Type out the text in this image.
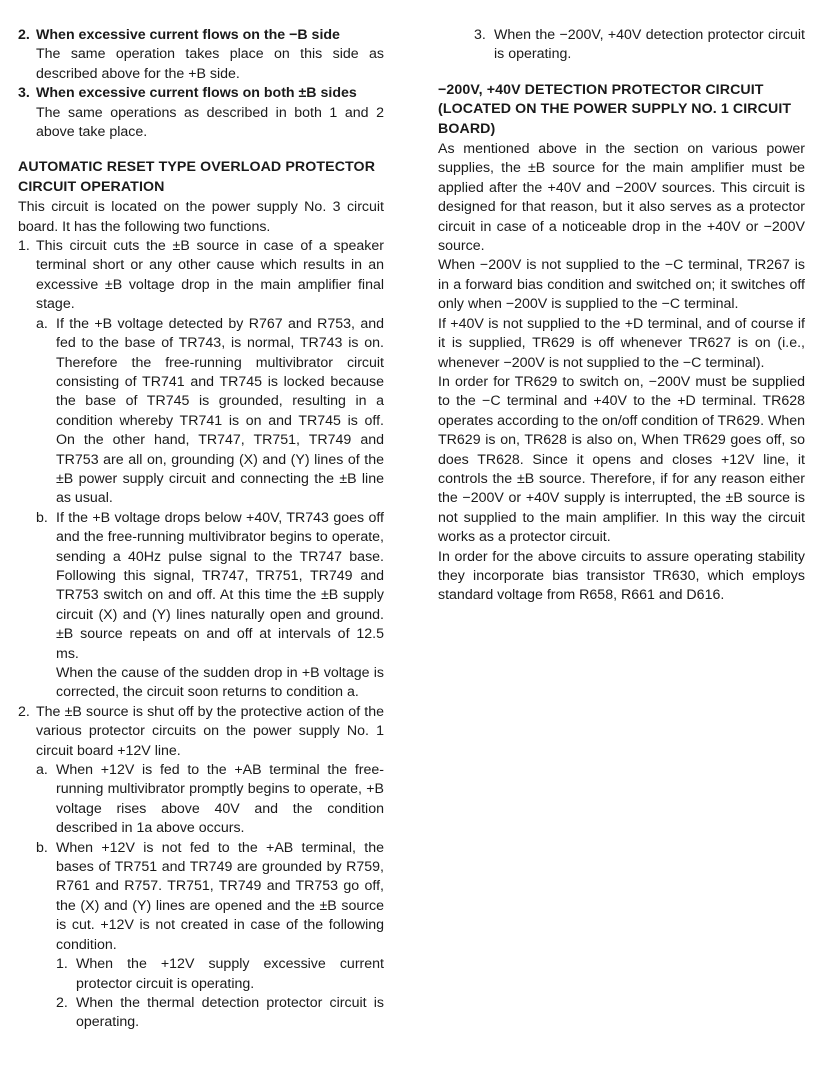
2. When excessive current flows on the −B side

The same operation takes place on this side as described above for the +B side.

3. When excessive current flows on both ±B sides

The same operations as described in both 1 and 2 above take place.

AUTOMATIC RESET TYPE OVERLOAD PROTECTOR CIRCUIT OPERATION

This circuit is located on the power supply No. 3 circuit board. It has the following two functions.

1. This circuit cuts the ±B source in case of a speaker terminal short or any other cause which results in an excessive ±B voltage drop in the main amplifier final stage.
a. If the +B voltage detected by R767 and R753, and fed to the base of TR743, is normal, TR743 is on. Therefore the free-running multivibrator circuit consisting of TR741 and TR745 is locked because the base of TR745 is grounded, resulting in a condition whereby TR741 is on and TR745 is off. On the other hand, TR747, TR751, TR749 and TR753 are all on, grounding (X) and (Y) lines of the ±B power supply circuit and connecting the ±B line as usual.
b. If the +B voltage drops below +40V, TR743 goes off and the free-running multivibrator begins to operate, sending a 40Hz pulse signal to the TR747 base. Following this signal, TR747, TR751, TR749 and TR753 switch on and off. At this time the ±B supply circuit (X) and (Y) lines naturally open and ground. ±B source repeats on and off at intervals of 12.5 ms.

When the cause of the sudden drop in +B voltage is corrected, the circuit soon returns to condition a.

2. The ±B source is shut off by the protective action of the various protector circuits on the power supply No. 1 circuit board +12V line.
a. When +12V is fed to the +AB terminal the free-running multivibrator promptly begins to operate, +B voltage rises above 40V and the condition described in 1a above occurs.
b. When +12V is not fed to the +AB terminal, the bases of TR751 and TR749 are grounded by R759, R761 and R757. TR751, TR749 and TR753 go off, the (X) and (Y) lines are opened and the ±B source is cut. +12V is not created in case of the following condition.
1. When the +12V supply excessive current protector circuit is operating.
2. When the thermal detection protector circuit is operating.
3. When the −200V, +40V detection protector circuit is operating.

−200V, +40V DETECTION PROTECTOR CIRCUIT (LOCATED ON THE POWER SUPPLY NO. 1 CIRCUIT BOARD)

As mentioned above in the section on various power supplies, the ±B source for the main amplifier must be applied after the +40V and −200V sources. This circuit is designed for that reason, but it also serves as a protector circuit in case of a noticeable drop in the +40V or −200V source.

When −200V is not supplied to the −C terminal, TR267 is in a forward bias condition and switched on; it switches off only when −200V is supplied to the −C terminal.

If +40V is not supplied to the +D terminal, and of course if it is supplied, TR629 is off whenever TR627 is on (i.e., whenever −200V is not supplied to the −C terminal).

In order for TR629 to switch on, −200V must be supplied to the −C terminal and +40V to the +D terminal. TR628 operates according to the on/off condition of TR629. When TR629 is on, TR628 is also on, When TR629 goes off, so does TR628. Since it opens and closes +12V line, it controls the ±B source. Therefore, if for any reason either the −200V or +40V supply is interrupted, the ±B source is not supplied to the main amplifier. In this way the circuit works as a protector circuit.

In order for the above circuits to assure operating stability they incorporate bias transistor TR630, which employs standard voltage from R658, R661 and D616.
